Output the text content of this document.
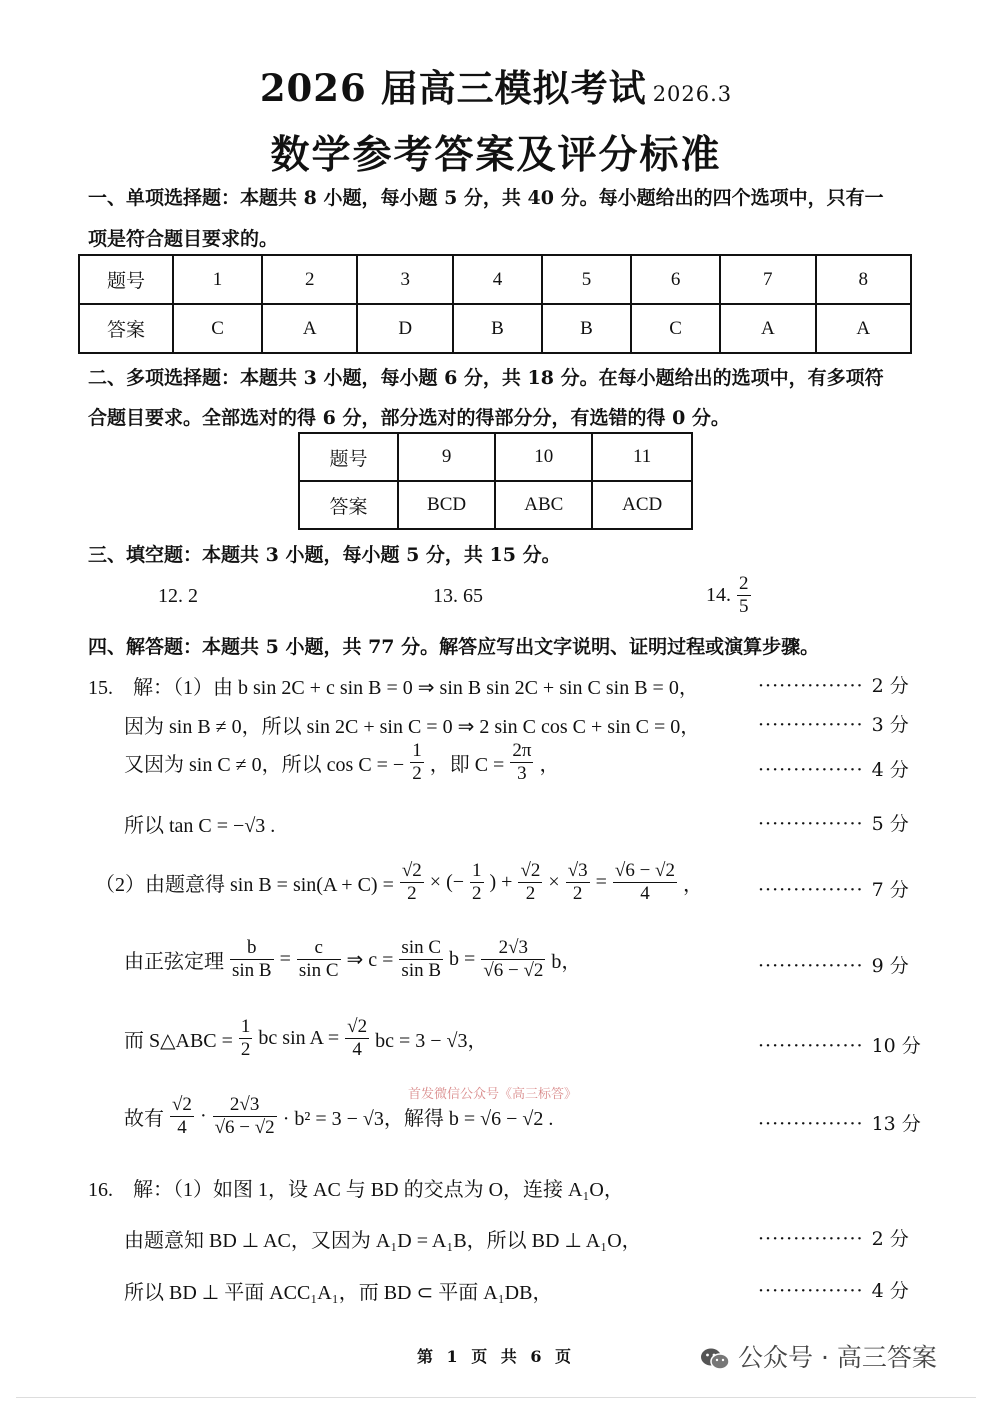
2026 届高三模拟考试 2026.3
数学参考答案及评分标准
一、单项选择题：本题共 8 小题，每小题 5 分，共 40 分。每小题给出的四个选项中，只有一
项是符合题目要求的。
题号	1	2	3	4	5	6	7	8
答案	C	A	D	B	B	C	A	A
二、多项选择题：本题共 3 小题，每小题 6 分，共 18 分。在每小题给出的选项中，有多项符
合题目要求。全部选对的得 6 分，部分选对的得部分分，有选错的得 0 分。
题号	9	10	11
答案	BCD	ABC	ACD
三、填空题：本题共 3 小题，每小题 5 分，共 15 分。
12. 2	13. 65	14. $\frac{2}{5}$
四、解答题：本题共 5 小题，共 77 分。解答应写出文字说明、证明过程或演算步骤。
15.　解：（1）由 b sin 2C + c sin B = 0 ⇒ sin B sin 2C + sin C sin B = 0，	··············· 2 分
因为 sin B ≠ 0，所以 sin 2C + sin C = 0 ⇒ 2 sin C cos C + sin C = 0，	··············· 3 分
又因为 sin C ≠ 0，所以 cos C = − $\frac{1}{2}$ ，即 $C = \frac{2\pi}{3}$ ，	··············· 4 分
所以 tan C = −√3 .	··············· 5 分
（2）由题意得 $\sin B = \sin(A + C) = \frac{√2}{2}$ × (− $\frac{1}{2}$ ) + $\frac{√2}{2} \times \frac{√3}{2} = \frac{√6 - √2}{4}$ ，	··············· 7 分
由正弦定理 $\frac{b}{\text{sin B}} = \frac{c}{\text{sin C}}$ ⇒ $c = \frac{\text{sin C}}{\text{sin B}}$ $b = \frac{2√3}{√6 - √2}$ b，	··············· 9 分
而 S△ABC = $\frac{1}{2}$ bc $\sin A = \frac{√2}{4}$ bc = 3 − √3，	··············· 10 分
首发微信公众号《高三标答》
故有 $\frac{√2}{4} \cdot \frac{2√3}{√6 - √2} \cdot b^2 = 3 - √3$，解得 b = √6 − √2 .	··············· 13 分
16.　解：（1）如图 1，设 AC 与 BD 的交点为 O，连接 A₁O，
由题意知 BD ⊥ AC，又因为 A₁D = A₁B，所以 BD ⊥ A₁O，	··············· 2 分
所以 BD ⊥ 平面 ACC₁A₁，而 BD ⊂ 平面 A₁DB，	··············· 4 分
第 1 页 共 6 页	公众号 · 高三答案
